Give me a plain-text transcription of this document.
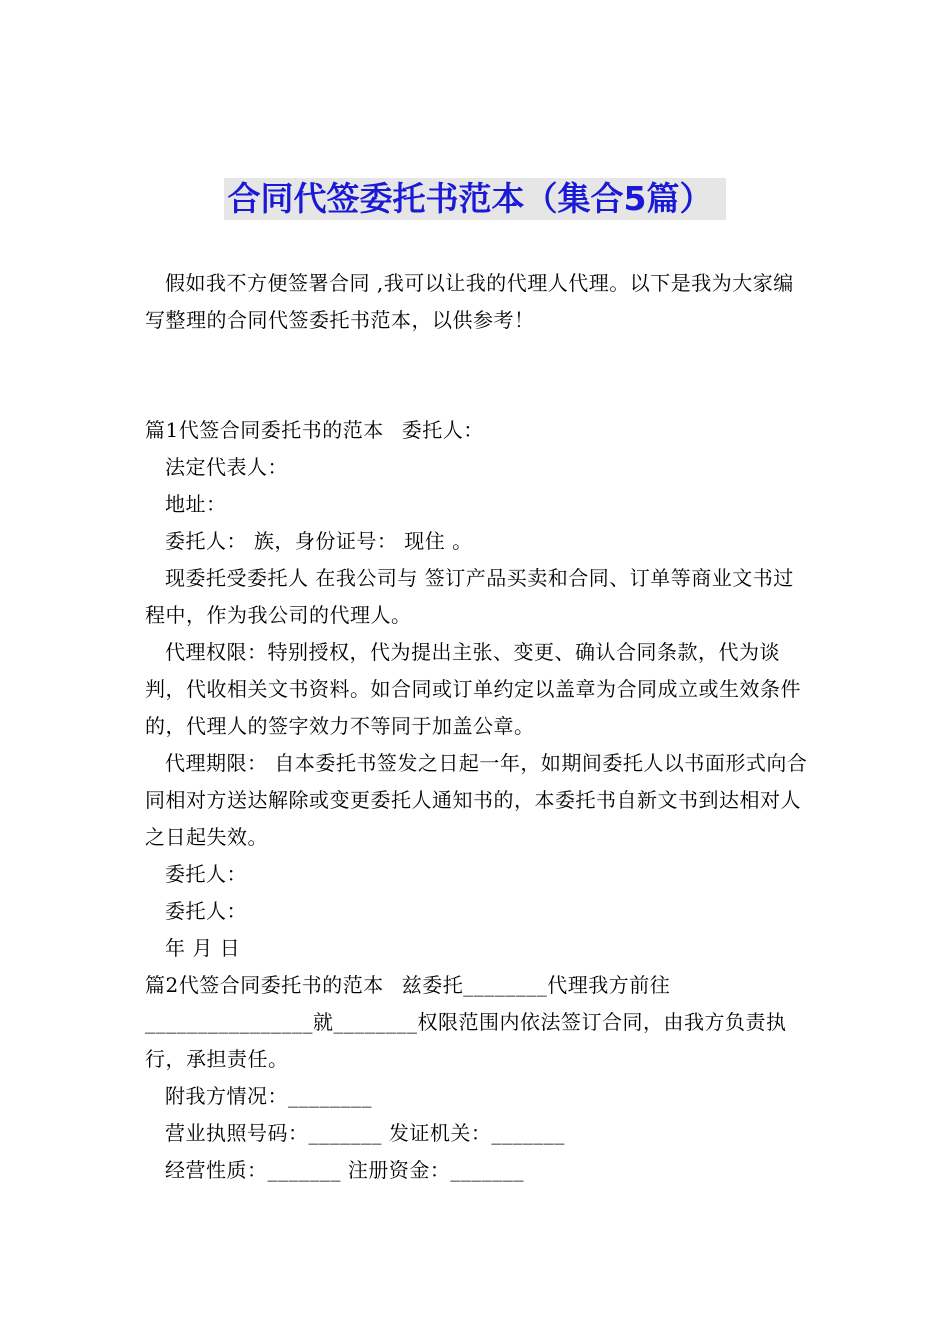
合同代签委托书范本（集合5篇）

假如我不方便签署合同 ,我可以让我的代理人代理。以下是我为大家编写整理的合同代签委托书范本，以供参考！

篇1代签合同委托书的范本 委托人：

法定代表人：

地址：

委托人： 族，身份证号： 现住 。

现委托受委托人 在我公司与 签订产品买卖和合同、订单等商业文书过程中，作为我公司的代理人。

代理权限：特别授权，代为提出主张、变更、确认合同条款，代为谈判，代收相关文书资料。如合同或订单约定以盖章为合同成立或生效条件的，代理人的签字效力不等同于加盖公章。

代理期限： 自本委托书签发之日起一年，如期间委托人以书面形式向合同相对方送达解除或变更委托人通知书的，本委托书自新文书到达相对人之日起失效。

委托人：

委托人：

年 月 日

篇2代签合同委托书的范本 兹委托________代理我方前往________________就________权限范围内依法签订合同，由我方负责执行，承担责任。

附我方情况：________

营业执照号码：_______ 发证机关：_______

经营性质：_______ 注册资金：_______
